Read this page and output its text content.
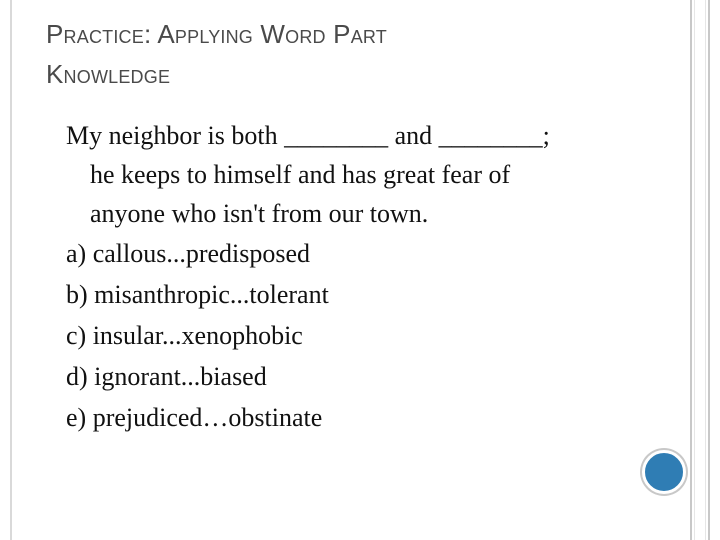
Practice: Applying Word Part
Knowledge

My neighbor is both ________ and ________;
he keeps to himself and has great fear of
anyone who isn't from our town.

a) callous...predisposed
b) misanthropic...tolerant
c) insular...xenophobic
d) ignorant...biased
e) prejudiced…obstinate
